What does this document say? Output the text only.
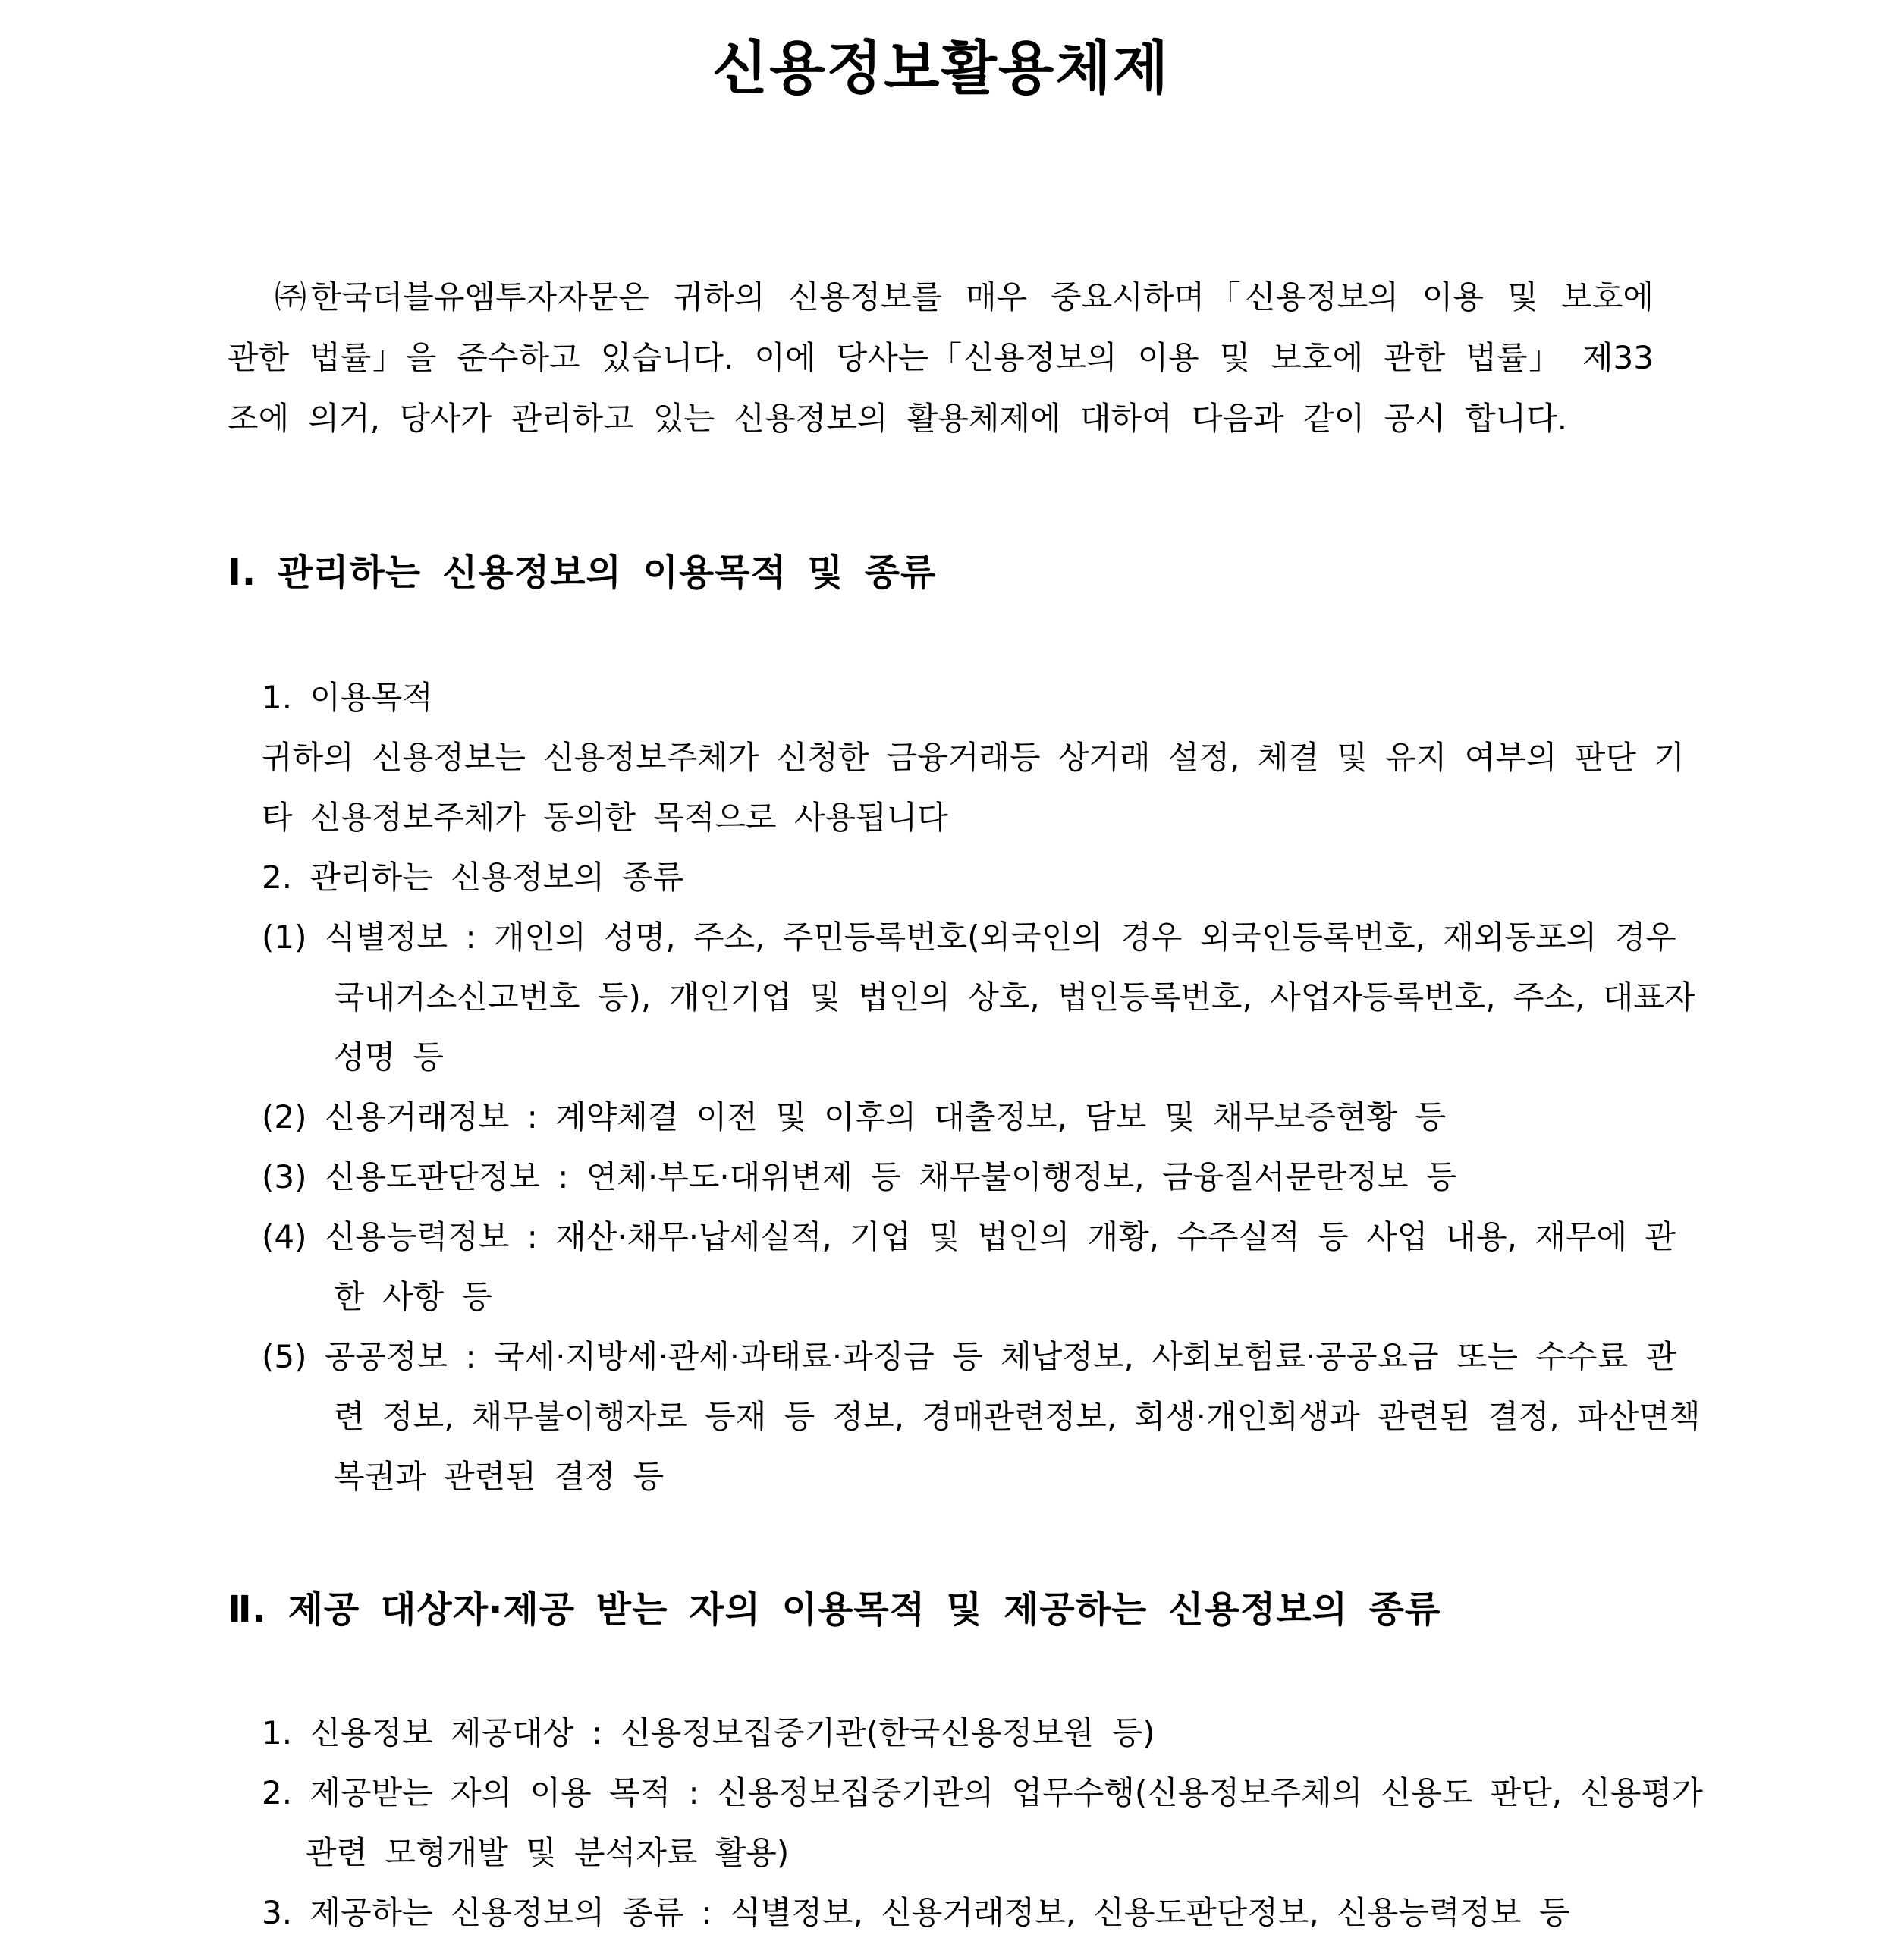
신용정보활용체제

㈜한국더블유엠투자자문은 귀하의 신용정보를 매우 중요시하며「신용정보의 이용 및 보호에 관한 법률」을 준수하고 있습니다. 이에 당사는「신용정보의 이용 및 보호에 관한 법률」 제33조에 의거, 당사가 관리하고 있는 신용정보의 활용체제에 대하여 다음과 같이 공시 합니다.

Ⅰ. 관리하는 신용정보의 이용목적 및 종류

1. 이용목적

귀하의 신용정보는 신용정보주체가 신청한 금융거래등 상거래 설정, 체결 및 유지 여부의 판단 기타 신용정보주체가 동의한 목적으로 사용됩니다

2. 관리하는 신용정보의 종류

(1) 식별정보 : 개인의 성명, 주소, 주민등록번호(외국인의 경우 외국인등록번호, 재외동포의 경우 국내거소신고번호 등), 개인기업 및 법인의 상호, 법인등록번호, 사업자등록번호, 주소, 대표자 성명 등

(2) 신용거래정보 : 계약체결 이전 및 이후의 대출정보, 담보 및 채무보증현황 등

(3) 신용도판단정보 : 연체·부도·대위변제 등 채무불이행정보, 금융질서문란정보 등

(4) 신용능력정보 : 재산·채무·납세실적, 기업 및 법인의 개황, 수주실적 등 사업 내용, 재무에 관한 사항 등

(5) 공공정보 : 국세·지방세·관세·과태료·과징금 등 체납정보, 사회보험료·공공요금 또는 수수료 관련 정보, 채무불이행자로 등재 등 정보, 경매관련정보, 회생·개인회생과 관련된 결정, 파산면책복권과 관련된 결정 등

Ⅱ. 제공 대상자·제공 받는 자의 이용목적 및 제공하는 신용정보의 종류

1. 신용정보 제공대상 : 신용정보집중기관(한국신용정보원 등)

2. 제공받는 자의 이용 목적 : 신용정보집중기관의 업무수행(신용정보주체의 신용도 판단, 신용평가 관련 모형개발 및 분석자료 활용)

3. 제공하는 신용정보의 종류 : 식별정보, 신용거래정보, 신용도판단정보, 신용능력정보 등
